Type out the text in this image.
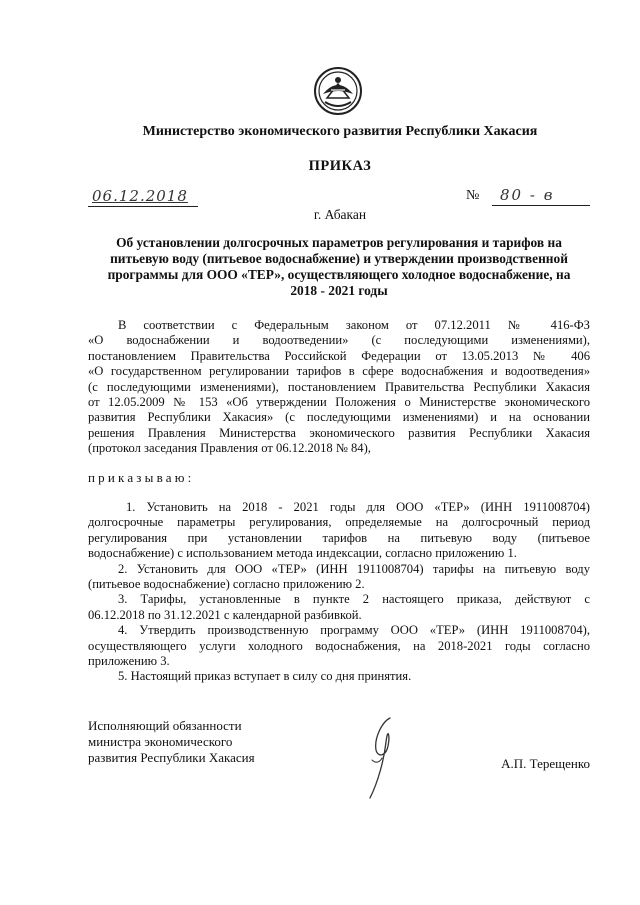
Министерство экономического развития Республики Хакасия
ПРИКАЗ
06.12.2018	№ 80 - в
г. Абакан
Об установлении долгосрочных параметров регулирования и тарифов на
питьевую воду (питьевое водоснабжение) и утверждении производственной
программы для ООО «ТЕР», осуществляющего холодное водоснабжение, на
2018 - 2021 годы
В соответствии с Федеральным законом от 07.12.2011 № 416-ФЗ
«О водоснабжении и водоотведении» (с последующими изменениями),
постановлением Правительства Российской Федерации от 13.05.2013 № 406
«О государственном регулировании тарифов в сфере водоснабжения и водоотведения»
(с последующими изменениями), постановлением Правительства Республики Хакасия
от 12.05.2009 № 153 «Об утверждении Положения о Министерстве экономического
развития Республики Хакасия» (с последующими изменениями) и на основании
решения Правления Министерства экономического развития Республики Хакасия
(протокол заседания Правления от 06.12.2018 № 84),
приказываю:
1. Установить на 2018 - 2021 годы для ООО «ТЕР» (ИНН 1911008704)
долгосрочные параметры регулирования, определяемые на долгосрочный период
регулирования при установлении тарифов на питьевую воду (питьевое
водоснабжение) с использованием метода индексации, согласно приложению 1.
2. Установить для ООО «ТЕР» (ИНН 1911008704) тарифы на питьевую воду
(питьевое водоснабжение) согласно приложению 2.
3. Тарифы, установленные в пункте 2 настоящего приказа, действуют с
06.12.2018 по 31.12.2021 с календарной разбивкой.
4. Утвердить производственную программу ООО «ТЕР» (ИНН 1911008704),
осуществляющего услуги холодного водоснабжения, на 2018-2021 годы согласно
приложению 3.
5. Настоящий приказ вступает в силу со дня принятия.
Исполняющий обязанности
министра экономического
развития Республики Хакасия	А.П. Терещенко
